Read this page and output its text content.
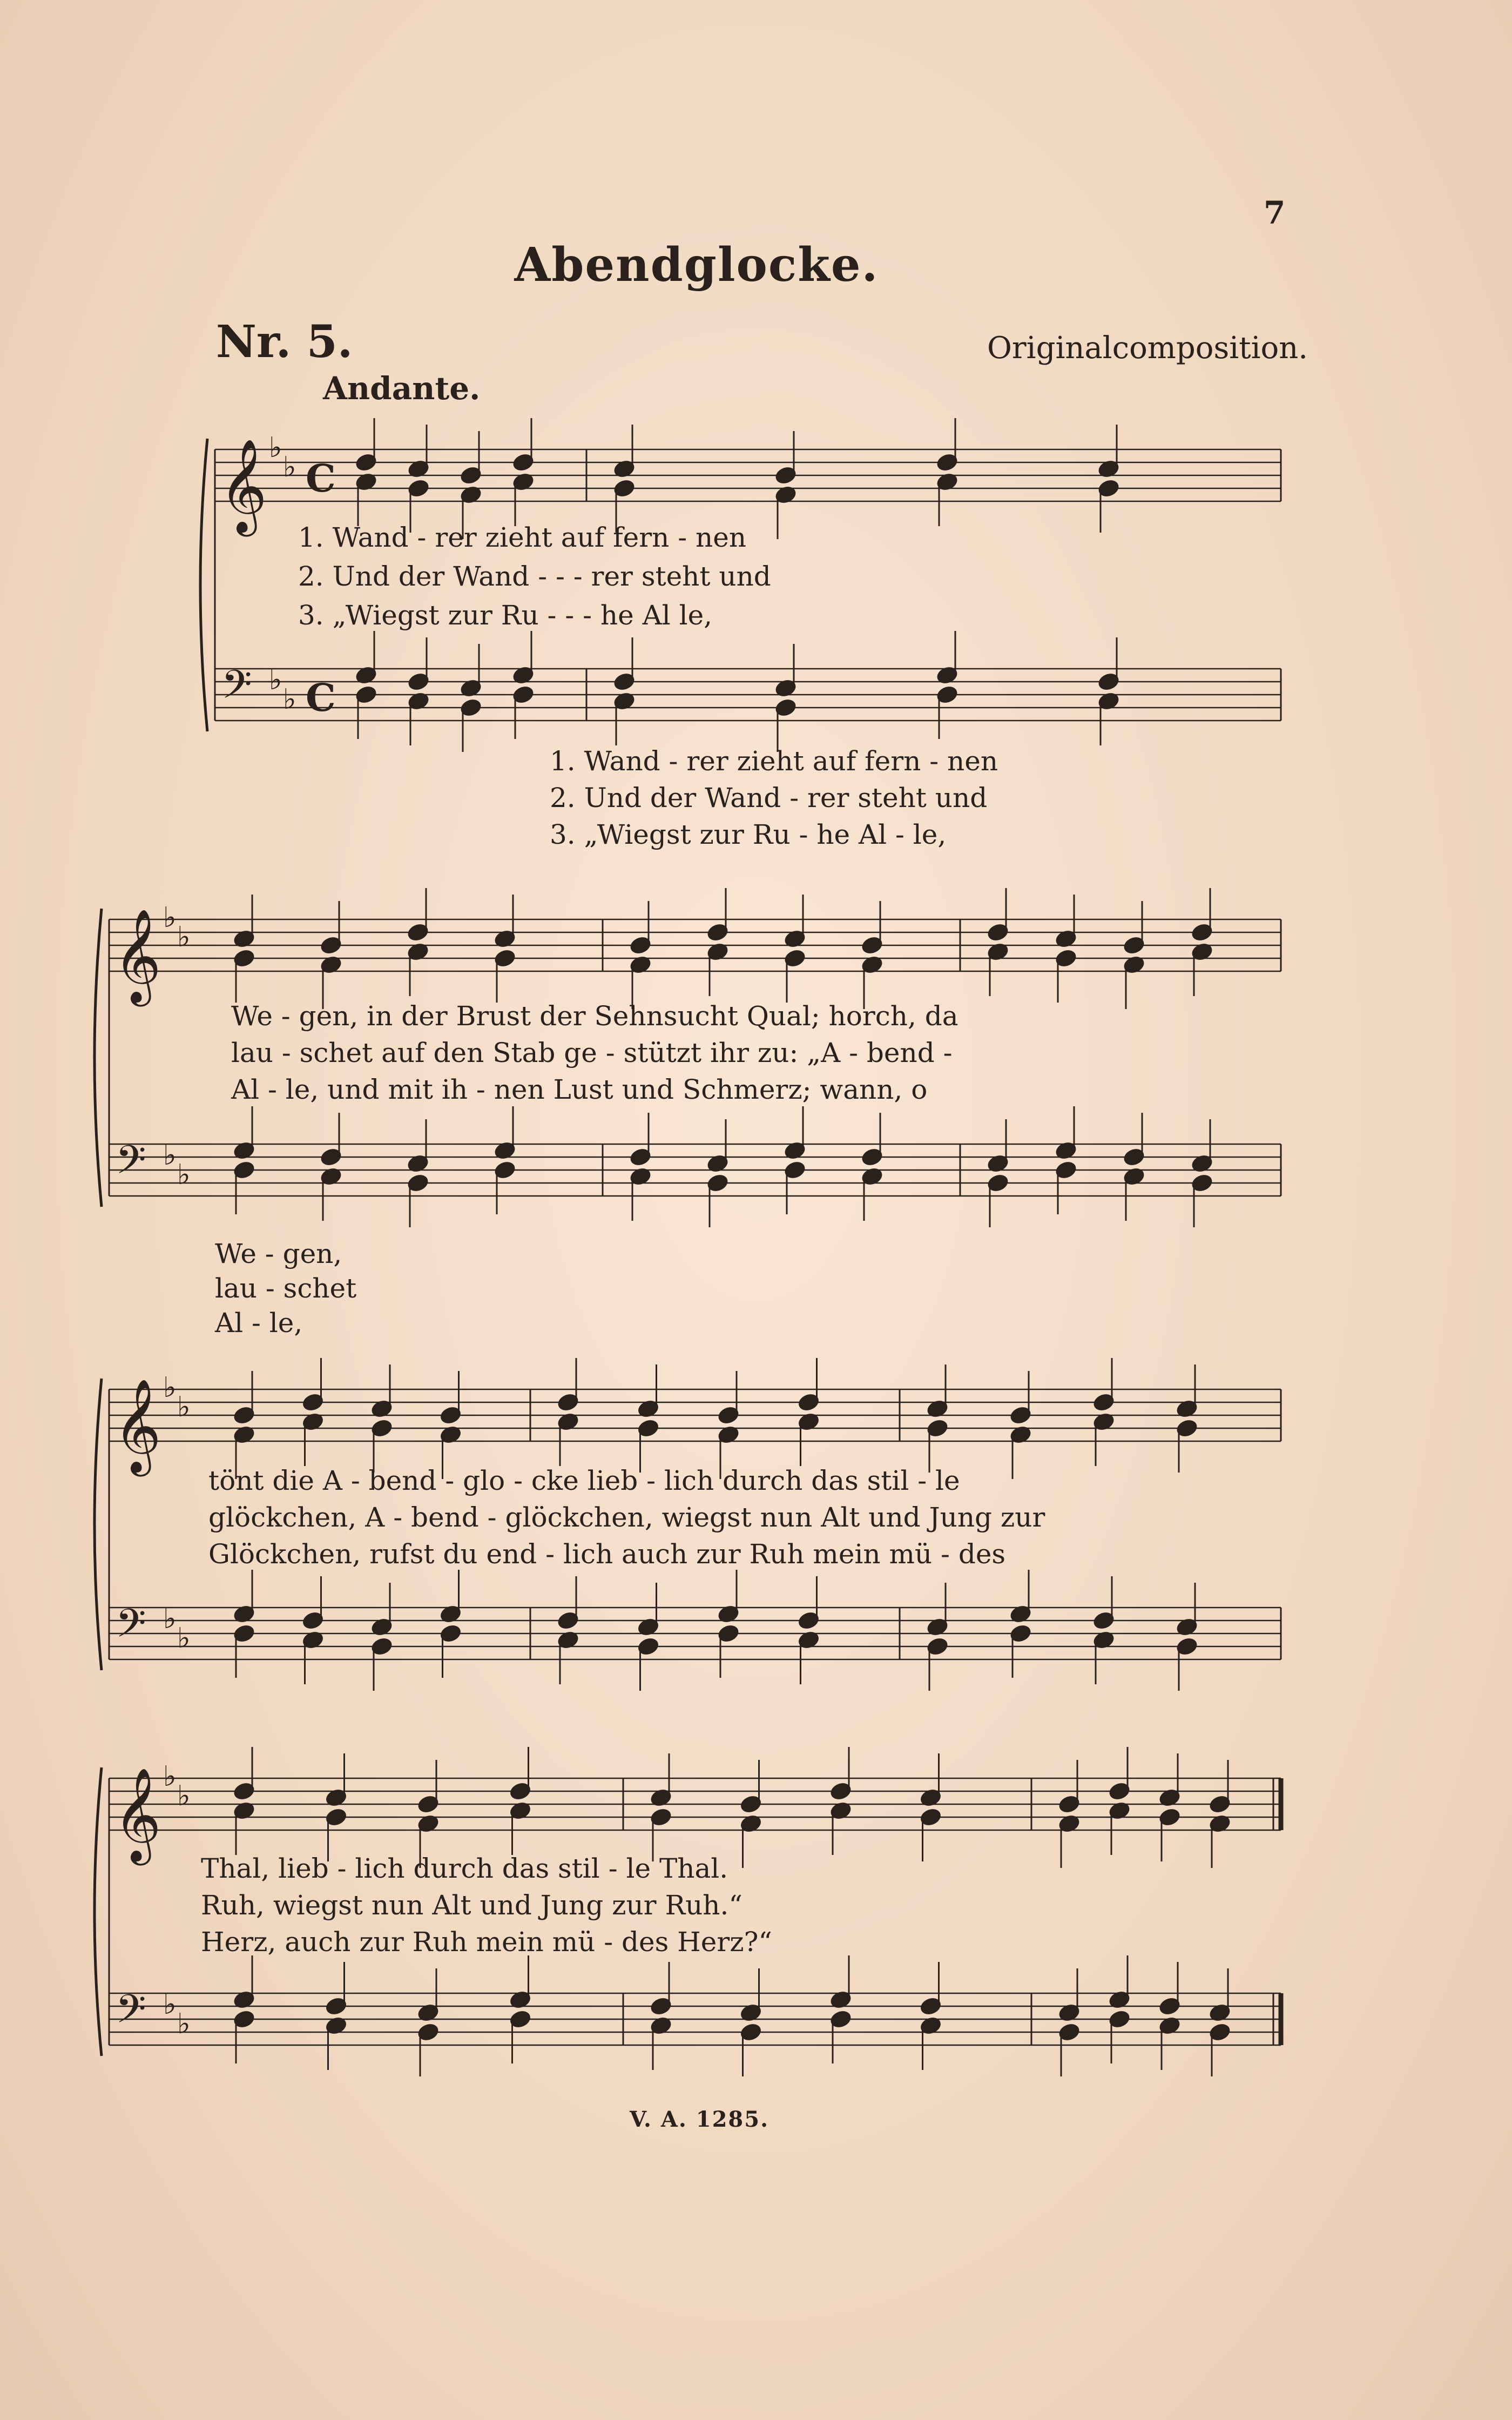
7
Abendglocke.
Nr. 5.	Originalcomposition.
Andante.
𝄞
𝄢
♭
♭
♭
♭
C
C
𝄞
𝄢
♭
♭
♭
♭
𝄞
𝄢
♭
♭
♭
♭
𝄞
𝄢
♭
♭
♭
♭
1. Wand - rer zieht auf fern - nen
2. Und der Wand - - - rer steht und
3. „Wiegst zur Ru - - - he Al le,
1. Wand - rer zieht auf fern - nen
2. Und der Wand - rer steht und
3. „Wiegst zur Ru - he Al - le,
We - gen, in der Brust der Sehnsucht Qual; horch, da
lau - schet auf den Stab ge - stützt ihr zu: „A - bend -
Al - le, und mit ih - nen Lust und Schmerz; wann, o
We - gen,
lau - schet
Al - le,
tönt die A - bend - glo - cke lieb - lich durch das stil - le
glöckchen, A - bend - glöckchen, wiegst nun Alt und Jung zur
Glöckchen, rufst du end - lich auch zur Ruh mein mü - des
Thal, lieb - lich durch das stil - le Thal.
Ruh, wiegst nun Alt und Jung zur Ruh.“
Herz, auch zur Ruh mein mü - des Herz?“
V. A. 1285.
